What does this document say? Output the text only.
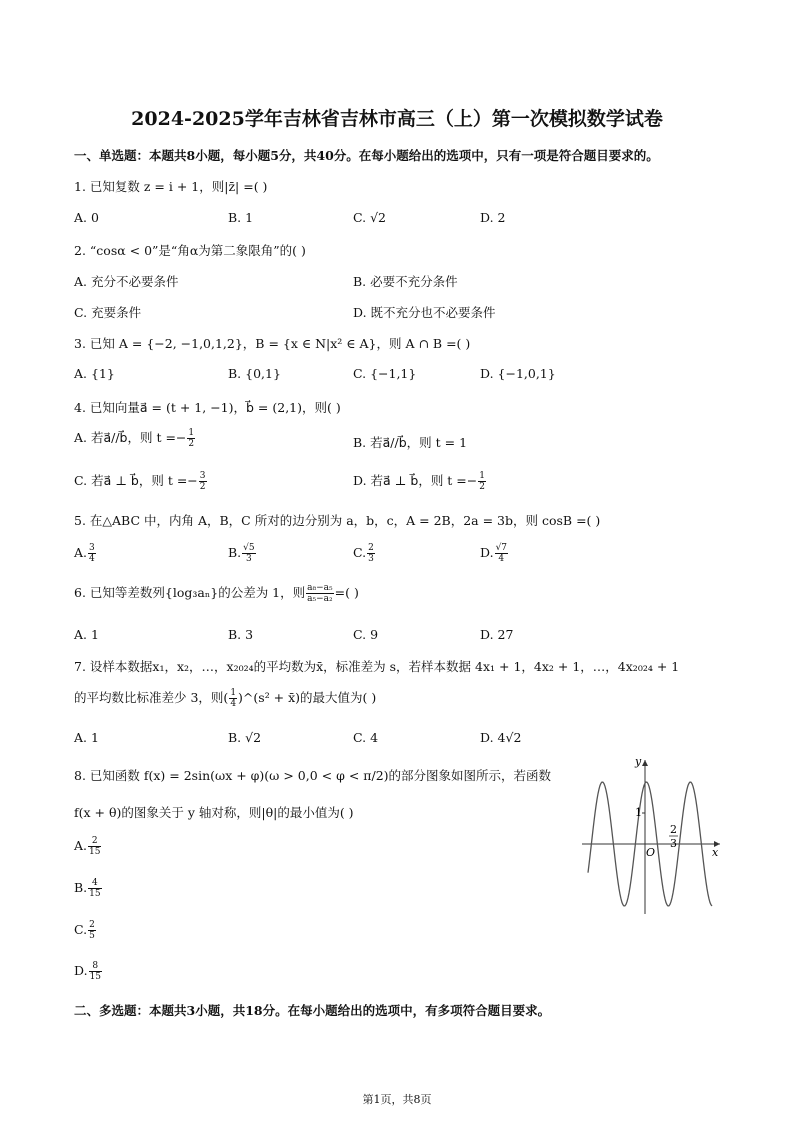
2024-2025学年吉林省吉林市高三（上）第一次模拟数学试卷
一、单选题：本题共8小题，每小题5分，共40分。在每小题给出的选项中，只有一项是符合题目要求的。
1. 已知复数 z = i + 1，则|z̄| =( )
A. 0	B. 1	C. √2	D. 2
2. “cosα < 0”是“角α为第二象限角”的( )
A. 充分不必要条件	B. 必要不充分条件
C. 充要条件	D. 既不充分也不必要条件
3. 已知 A = {−2, −1,0,1,2}，B = {x ∈ N|x² ∈ A}，则 A ∩ B =( )
A. {1}	B. {0,1}	C. {−1,1}	D. {−1,0,1}
4. 已知向量a⃗ = (t + 1, −1)，b⃗ = (2,1)，则( )
A. 若a⃗//b⃗，则 $t =- \frac{1}{2}$	B. 若a⃗//b⃗，则 t = 1
C. 若a⃗ ⊥ b⃗，则 $t =- \frac{3}{2}$	D. 若a⃗ ⊥ b⃗，则 $t =- \frac{1}{2}$
5. 在△ABC 中，内角 A，B，C 所对的边分别为 a，b，c，A = 2B，2a = 3b，则 cosB =( )
A. $\frac{3}{4}$	B. $\frac{√5}{3}$	C. $\frac{2}{3}$	D. $\frac{√7}{4}$
6. 已知等差数列{log₃aₙ}的公差为 1，则 $\frac{\text{a₈−a₅}}{\text{a₅−a₂}}$ =( )
A. 1	B. 3	C. 9	D. 27
7. 设样本数据x₁，x₂，…，x₂₀₂₄的平均数为x̄，标准差为 s，若样本数据 4x₁ + 1，4x₂ + 1，…，4x₂₀₂₄ + 1
的平均数比标准差少 3，则( $\frac{1}{4}$ )^(s² + x̄)的最大值为( )
A. 1	B. √2	C. 4	D. 4√2
8. 已知函数 f(x) = 2sin(ωx + φ)(ω > 0,0 < φ < π/2)的部分图象如图所示，若函数
f(x + θ)的图象关于 y 轴对称，则|θ|的最小值为( )
A. $\frac{2}{15}$
B. $\frac{4}{15}$
C. $\frac{2}{5}$
D. $\frac{8}{15}$
y
x
O
1
2
3
二、多选题：本题共3小题，共18分。在每小题给出的选项中，有多项符合题目要求。
第1页，共8页
